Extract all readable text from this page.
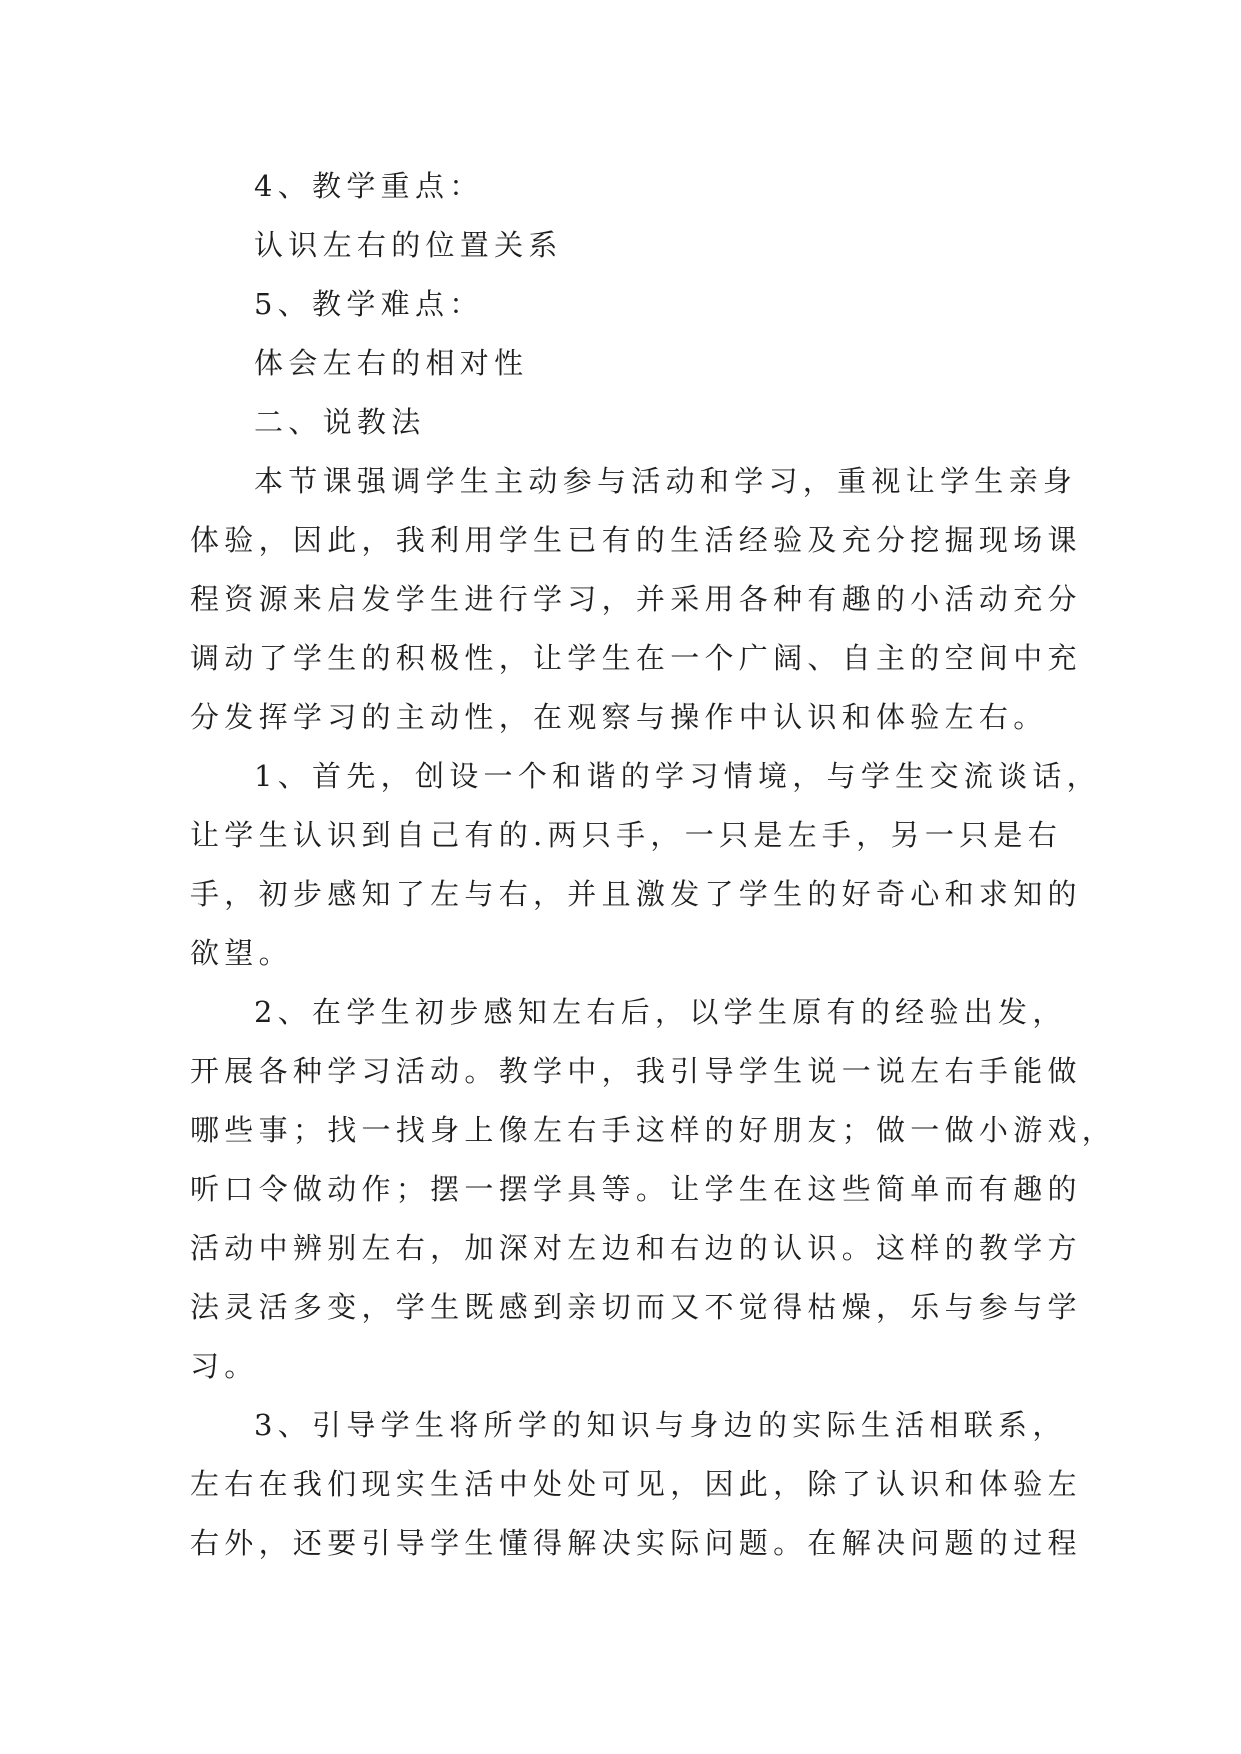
4、教学重点：
认识左右的位置关系
5、教学难点：
体会左右的相对性
二、说教法
本节课强调学生主动参与活动和学习，重视让学生亲身
体验，因此，我利用学生已有的生活经验及充分挖掘现场课
程资源来启发学生进行学习，并采用各种有趣的小活动充分
调动了学生的积极性，让学生在一个广阔、自主的空间中充
分发挥学习的主动性，在观察与操作中认识和体验左右。
1、首先，创设一个和谐的学习情境，与学生交流谈话，
让学生认识到自己有的.两只手，一只是左手，另一只是右
手，初步感知了左与右，并且激发了学生的好奇心和求知的
欲望。
2、在学生初步感知左右后，以学生原有的经验出发，
开展各种学习活动。教学中，我引导学生说一说左右手能做
哪些事；找一找身上像左右手这样的好朋友；做一做小游戏，
听口令做动作；摆一摆学具等。让学生在这些简单而有趣的
活动中辨别左右，加深对左边和右边的认识。这样的教学方
法灵活多变，学生既感到亲切而又不觉得枯燥，乐与参与学
习。
3、引导学生将所学的知识与身边的实际生活相联系，
左右在我们现实生活中处处可见，因此，除了认识和体验左
右外，还要引导学生懂得解决实际问题。在解决问题的过程
